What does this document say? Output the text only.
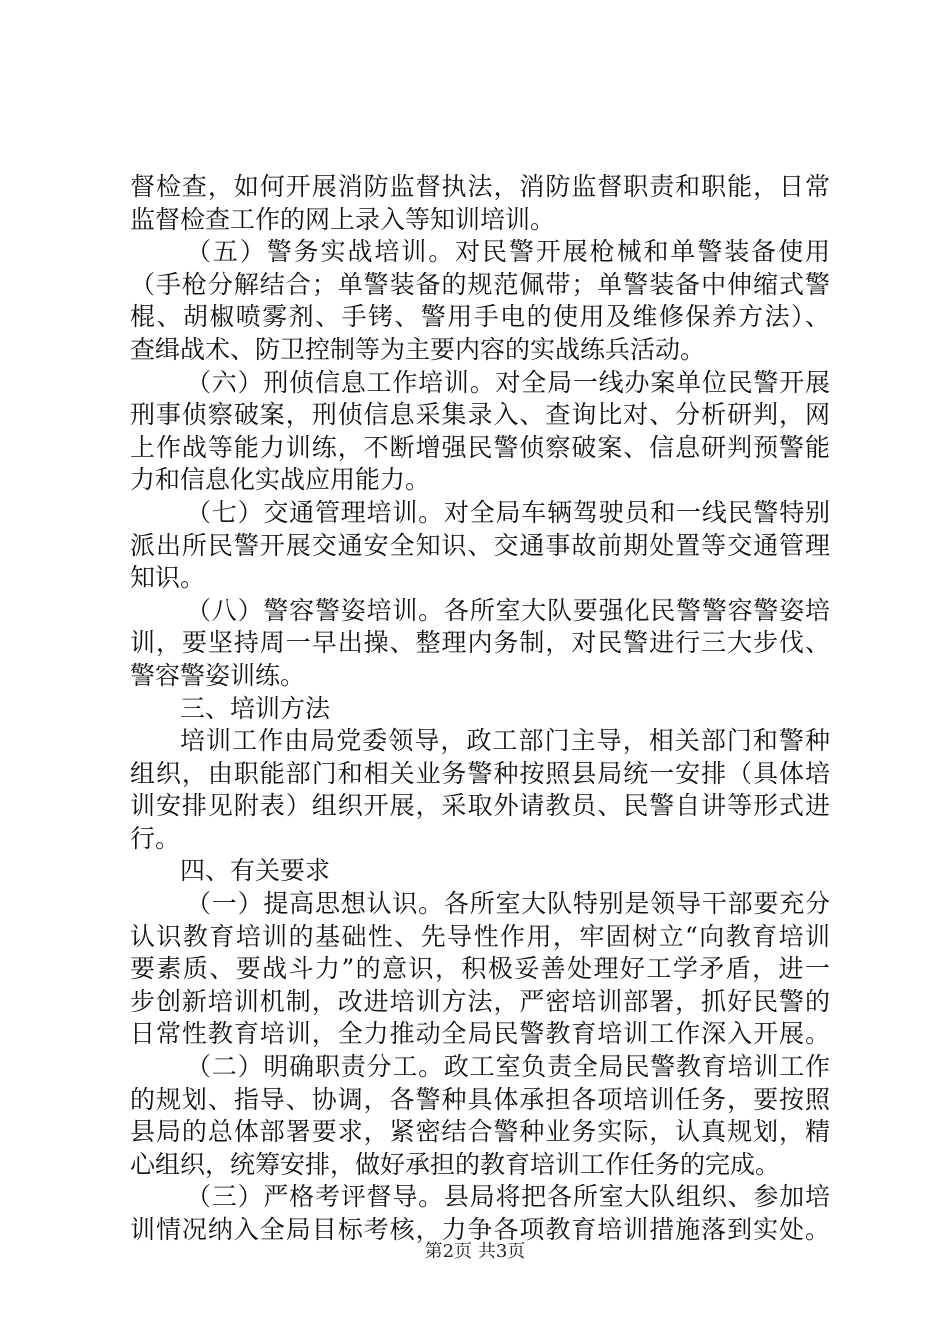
督检查，如何开展消防监督执法，消防监督职责和职能，日常
监督检查工作的网上录入等知训培训。
（五）警务实战培训。对民警开展枪械和单警装备使用
（手枪分解结合；单警装备的规范佩带；单警装备中伸缩式警
棍、胡椒喷雾剂、手铐、警用手电的使用及维修保养方法）、
查缉战术、防卫控制等为主要内容的实战练兵活动。
（六）刑侦信息工作培训。对全局一线办案单位民警开展
刑事侦察破案，刑侦信息采集录入、查询比对、分析研判，网
上作战等能力训练，不断增强民警侦察破案、信息研判预警能
力和信息化实战应用能力。
（七）交通管理培训。对全局车辆驾驶员和一线民警特别
派出所民警开展交通安全知识、交通事故前期处置等交通管理
知识。
（八）警容警姿培训。各所室大队要强化民警警容警姿培
训，要坚持周一早出操、整理内务制，对民警进行三大步伐、
警容警姿训练。
三、培训方法
培训工作由局党委领导，政工部门主导，相关部门和警种
组织，由职能部门和相关业务警种按照县局统一安排（具体培
训安排见附表）组织开展，采取外请教员、民警自讲等形式进
行。
四、有关要求
（一）提高思想认识。各所室大队特别是领导干部要充分
认识教育培训的基础性、先导性作用，牢固树立“向教育培训
要素质、要战斗力”的意识，积极妥善处理好工学矛盾，进一
步创新培训机制，改进培训方法，严密培训部署，抓好民警的
日常性教育培训，全力推动全局民警教育培训工作深入开展。
（二）明确职责分工。政工室负责全局民警教育培训工作
的规划、指导、协调，各警种具体承担各项培训任务，要按照
县局的总体部署要求，紧密结合警种业务实际，认真规划，精
心组织，统筹安排，做好承担的教育培训工作任务的完成。
（三）严格考评督导。县局将把各所室大队组织、参加培
训情况纳入全局目标考核，力争各项教育培训措施落到实处。
第2页 共3页
